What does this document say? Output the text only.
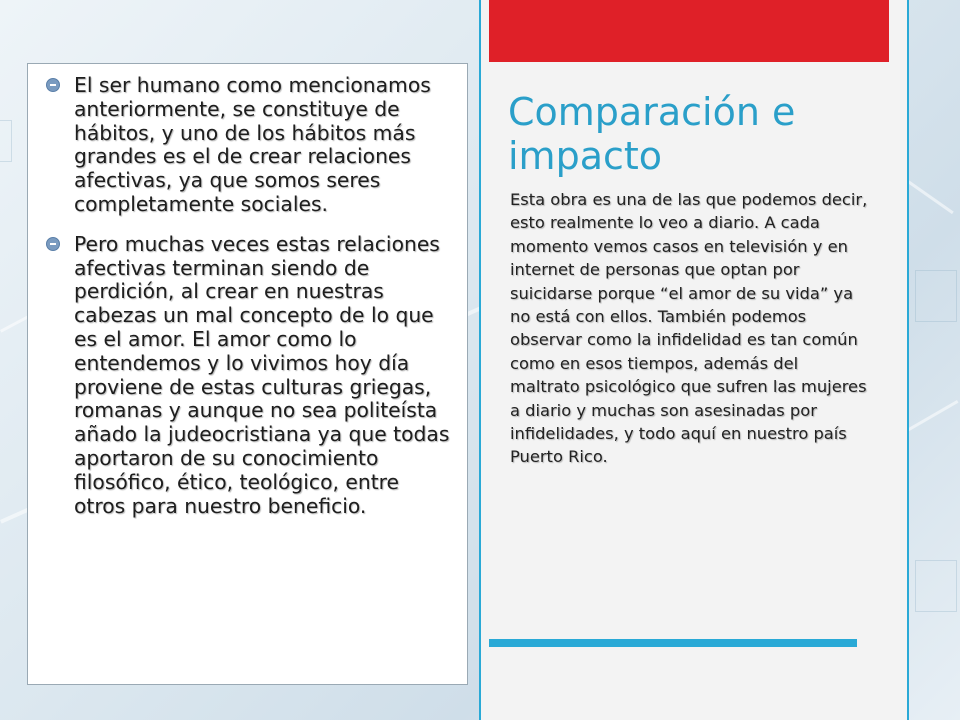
El ser humano como mencionamos anteriormente, se constituye de hábitos, y uno de los hábitos más grandes es el de crear relaciones afectivas, ya que somos seres completamente sociales.
Pero muchas veces estas relaciones afectivas terminan siendo de perdición, al crear en nuestras cabezas un mal concepto de lo que es el amor. El amor como lo entendemos y lo vivimos hoy día proviene de estas culturas griegas, romanas y aunque no sea politeísta añado la judeocristiana ya que todas aportaron de su conocimiento filosófico, ético, teológico, entre otros para nuestro beneficio.
Comparación e impacto

Esta obra es una de las que podemos decir, esto realmente lo veo a diario. A cada momento vemos casos en televisión y en internet de personas que optan por suicidarse porque “el amor de su vida” ya no está con ellos. También podemos observar como la infidelidad es tan común como en esos tiempos, además del maltrato psicológico que sufren las mujeres a diario y muchas son asesinadas por infidelidades, y todo aquí en nuestro país Puerto Rico.
